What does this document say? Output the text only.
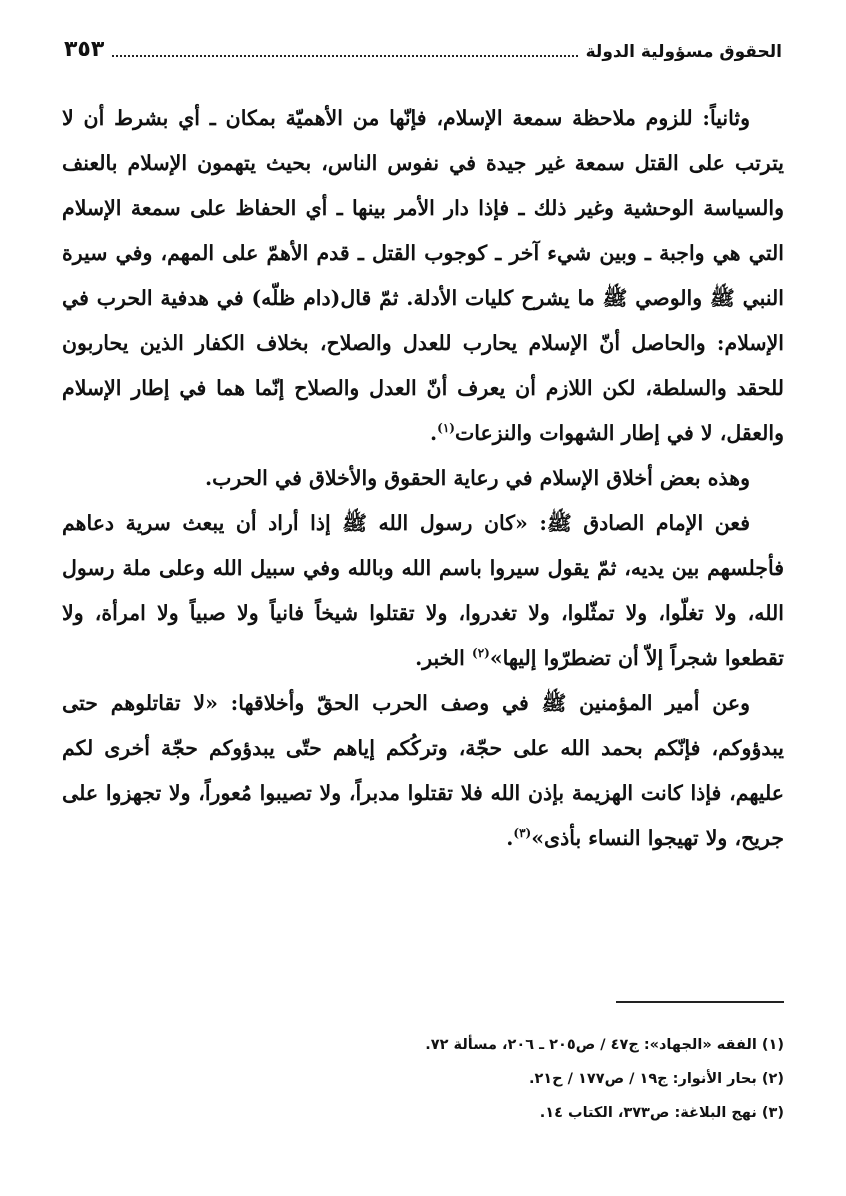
الحقوق مسؤولية الدولة
٣٥٣

وثانياً: للزوم ملاحظة سمعة الإسلام، فإنّها من الأهميّة بمكان ـ أي بشرط أن لا يترتب على القتل سمعة غير جيدة في نفوس الناس، بحيث يتهمون الإسلام بالعنف والسياسة الوحشية وغير ذلك ـ فإذا دار الأمر بينها ـ أي الحفاظ على سمعة الإسلام التي هي واجبة ـ وبين شيء آخر ـ كوجوب القتل ـ قدم الأهمّ على المهم، وفي سيرة النبي ﷺ والوصي ﷺ ما يشرح كليات الأدلة. ثمّ قال(دام ظلّه) في هدفية الحرب في الإسلام: والحاصل أنّ الإسلام يحارب للعدل والصلاح، بخلاف الكفار الذين يحاربون للحقد والسلطة، لكن اللازم أن يعرف أنّ العدل والصلاح إنّما هما في إطار الإسلام والعقل، لا في إطار الشهوات والنزعات$^{(١)}$.

وهذه بعض أخلاق الإسلام في رعاية الحقوق والأخلاق في الحرب.

فعن الإمام الصادق ﷺ: «كان رسول الله ﷺ إذا أراد أن يبعث سرية دعاهم فأجلسهم بين يديه، ثمّ يقول سيروا باسم الله وبالله وفي سبيل الله وعلى ملة رسول الله، ولا تغلّوا، ولا تمثّلوا، ولا تغدروا، ولا تقتلوا شيخاً فانياً ولا صبياً ولا امرأة، ولا تقطعوا شجراً إلاّ أن تضطرّوا إليها»$^{(٢)}$ الخبر.

وعن أمير المؤمنين ﷺ في وصف الحرب الحقّ وأخلاقها: «لا تقاتلوهم حتى يبدؤوكم، فإنّكم بحمد الله على حجّة، وتركُكم إياهم حتّى يبدؤوكم حجّة أخرى لكم عليهم، فإذا كانت الهزيمة بإذن الله فلا تقتلوا مدبراً، ولا تصيبوا مُعوراً، ولا تجهزوا على جريح، ولا تهيجوا النساء بأذى»$^{(٣)}$.

(١) الفقه «الجهاد»: ج٤٧ / ص٢٠٥ ـ ٢٠٦، مسألة ٧٢.
(٢) بحار الأنوار: ج١٩ / ص١٧٧ / ح٢١.
(٣) نهج البلاغة: ص٣٧٣، الكتاب ١٤.
